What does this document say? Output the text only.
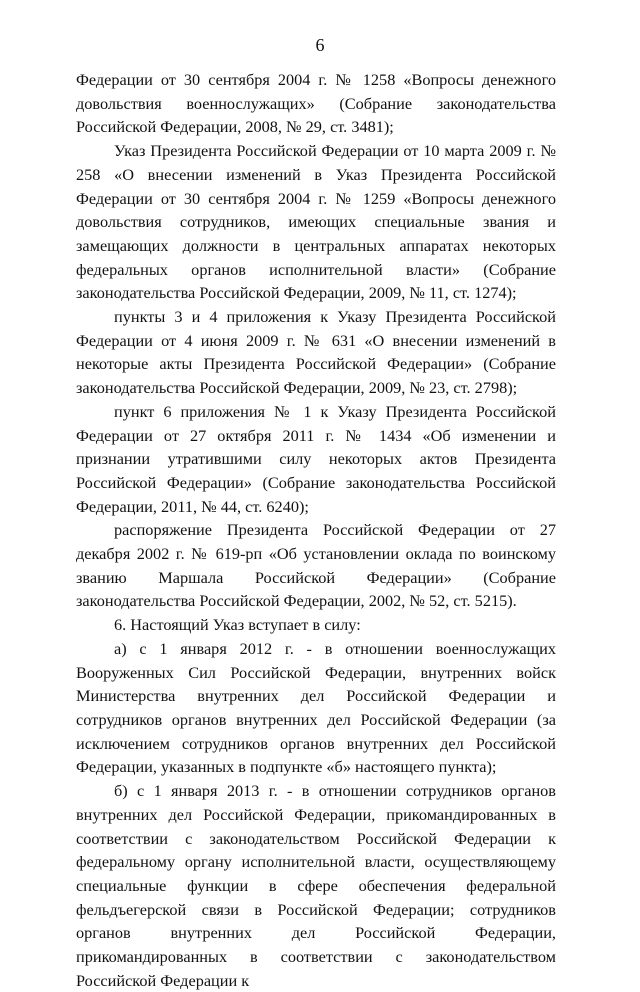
6

Федерации от 30 сентября 2004 г. № 1258 «Вопросы денежного довольствия военнослужащих» (Собрание законодательства Российской Федерации, 2008, № 29, ст. 3481);

Указ Президента Российской Федерации от 10 марта 2009 г. № 258 «О внесении изменений в Указ Президента Российской Федерации от 30 сентября 2004 г. № 1259 «Вопросы денежного довольствия сотрудников, имеющих специальные звания и замещающих должности в центральных аппаратах некоторых федеральных органов исполнительной власти» (Собрание законодательства Российской Федерации, 2009, № 11, ст. 1274);

пункты 3 и 4 приложения к Указу Президента Российской Федерации от 4 июня 2009 г. № 631 «О внесении изменений в некоторые акты Президента Российской Федерации» (Собрание законодательства Российской Федерации, 2009, № 23, ст. 2798);

пункт 6 приложения № 1 к Указу Президента Российской Федерации от 27 октября 2011 г. № 1434 «Об изменении и признании утратившими силу некоторых актов Президента Российской Федерации» (Собрание законодательства Российской Федерации, 2011, № 44, ст. 6240);

распоряжение Президента Российской Федерации от 27 декабря 2002 г. № 619-рп «Об установлении оклада по воинскому званию Маршала Российской Федерации» (Собрание законодательства Российской Федерации, 2002, № 52, ст. 5215).

6. Настоящий Указ вступает в силу:

а) с 1 января 2012 г. - в отношении военнослужащих Вооруженных Сил Российской Федерации, внутренних войск Министерства внутренних дел Российской Федерации и сотрудников органов внутренних дел Российской Федерации (за исключением сотрудников органов внутренних дел Российской Федерации, указанных в подпункте «б» настоящего пункта);

б) с 1 января 2013 г. - в отношении сотрудников органов внутренних дел Российской Федерации, прикомандированных в соответствии с законодательством Российской Федерации к федеральному органу исполнительной власти, осуществляющему специальные функции в сфере обеспечения федеральной фельдъегерской связи в Российской Федерации; сотрудников органов внутренних дел Российской Федерации, прикомандированных в соответствии с законодательством Российской Федерации к
